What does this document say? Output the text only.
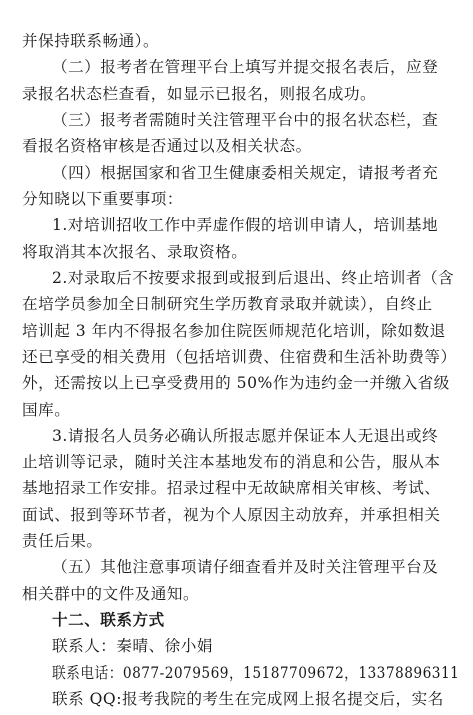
并保持联系畅通）。
（二）报考者在管理平台上填写并提交报名表后，应登
录报名状态栏查看，如显示已报名，则报名成功。
（三）报考者需随时关注管理平台中的报名状态栏，查
看报名资格审核是否通过以及相关状态。
（四）根据国家和省卫生健康委相关规定，请报考者充
分知晓以下重要事项：
1.对培训招收工作中弄虚作假的培训申请人，培训基地
将取消其本次报名、录取资格。
2.对录取后不按要求报到或报到后退出、终止培训者（含
在培学员参加全日制研究生学历教育录取并就读），自终止
培训起 3 年内不得报名参加住院医师规范化培训，除如数退
还已享受的相关费用（包括培训费、住宿费和生活补助费等）
外，还需按以上已享受费用的 50%作为违约金一并缴入省级
国库。
3.请报名人员务必确认所报志愿并保证本人无退出或终
止培训等记录，随时关注本基地发布的消息和公告，服从本
基地招录工作安排。招录过程中无故缺席相关审核、考试、
面试、报到等环节者，视为个人原因主动放弃，并承担相关
责任后果。
（五）其他注意事项请仔细查看并及时关注管理平台及
相关群中的文件及通知。
十二、联系方式
联系人：秦晴、徐小娟
联系电话：0877-2079569，15187709672，13378896311
联系 QQ:报考我院的考生在完成网上报名提交后，实名
